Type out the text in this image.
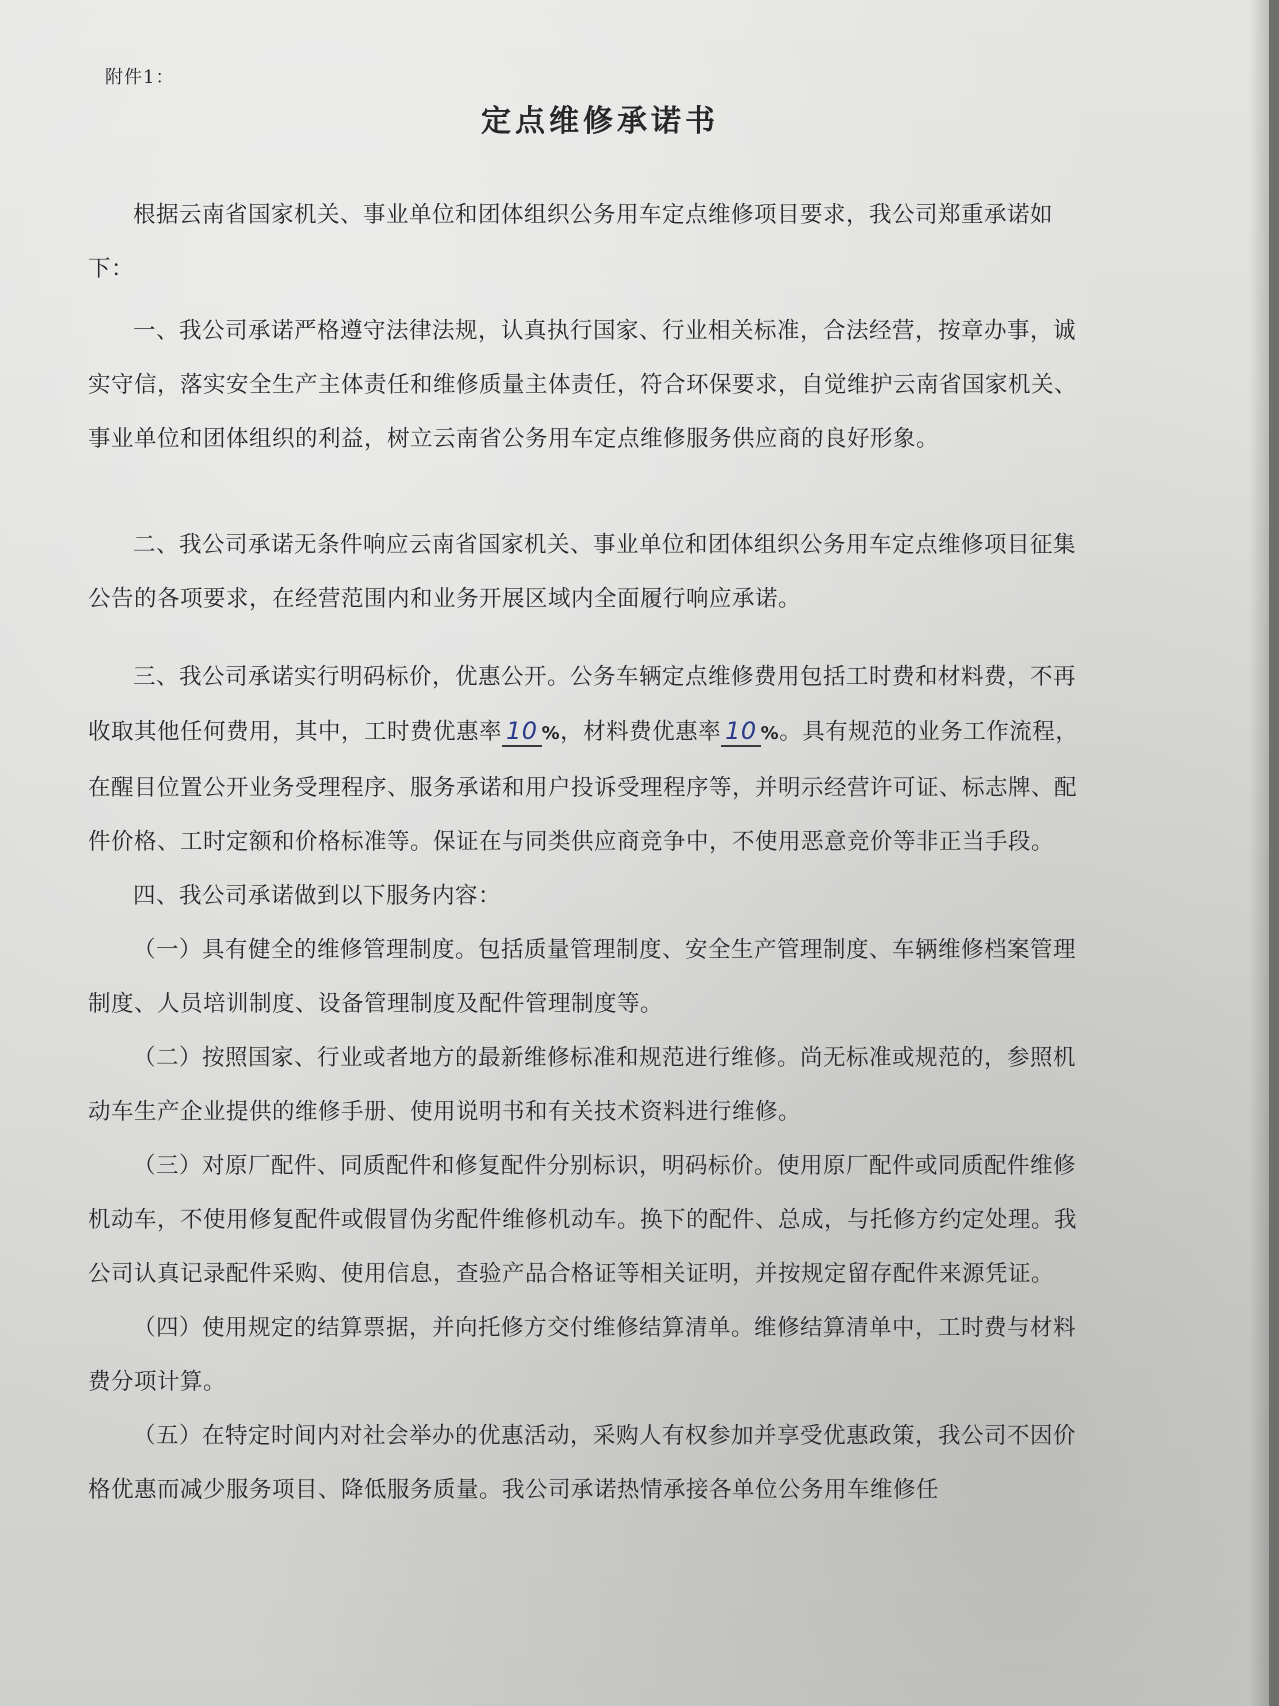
附件1：
定点维修承诺书

根据云南省国家机关、事业单位和团体组织公务用车定点维修项目要求，我公司郑重承诺如下：

一、我公司承诺严格遵守法律法规，认真执行国家、行业相关标准，合法经营，按章办事，诚实守信，落实安全生产主体责任和维修质量主体责任，符合环保要求，自觉维护云南省国家机关、事业单位和团体组织的利益，树立云南省公务用车定点维修服务供应商的良好形象。

二、我公司承诺无条件响应云南省国家机关、事业单位和团体组织公务用车定点维修项目征集公告的各项要求，在经营范围内和业务开展区域内全面履行响应承诺。

三、我公司承诺实行明码标价，优惠公开。公务车辆定点维修费用包括工时费和材料费，不再收取其他任何费用，其中，工时费优惠率 10 %，材料费优惠率 10 %。具有规范的业务工作流程，在醒目位置公开业务受理程序、服务承诺和用户投诉受理程序等，并明示经营许可证、标志牌、配件价格、工时定额和价格标准等。保证在与同类供应商竞争中，不使用恶意竞价等非正当手段。

四、我公司承诺做到以下服务内容：

（一）具有健全的维修管理制度。包括质量管理制度、安全生产管理制度、车辆维修档案管理制度、人员培训制度、设备管理制度及配件管理制度等。

（二）按照国家、行业或者地方的最新维修标准和规范进行维修。尚无标准或规范的，参照机动车生产企业提供的维修手册、使用说明书和有关技术资料进行维修。

（三）对原厂配件、同质配件和修复配件分别标识，明码标价。使用原厂配件或同质配件维修机动车，不使用修复配件或假冒伪劣配件维修机动车。换下的配件、总成，与托修方约定处理。我公司认真记录配件采购、使用信息，查验产品合格证等相关证明，并按规定留存配件来源凭证。

（四）使用规定的结算票据，并向托修方交付维修结算清单。维修结算清单中，工时费与材料费分项计算。

（五）在特定时间内对社会举办的优惠活动，采购人有权参加并享受优惠政策，我公司不因价格优惠而减少服务项目、降低服务质量。我公司承诺热情承接各单位公务用车维修任
